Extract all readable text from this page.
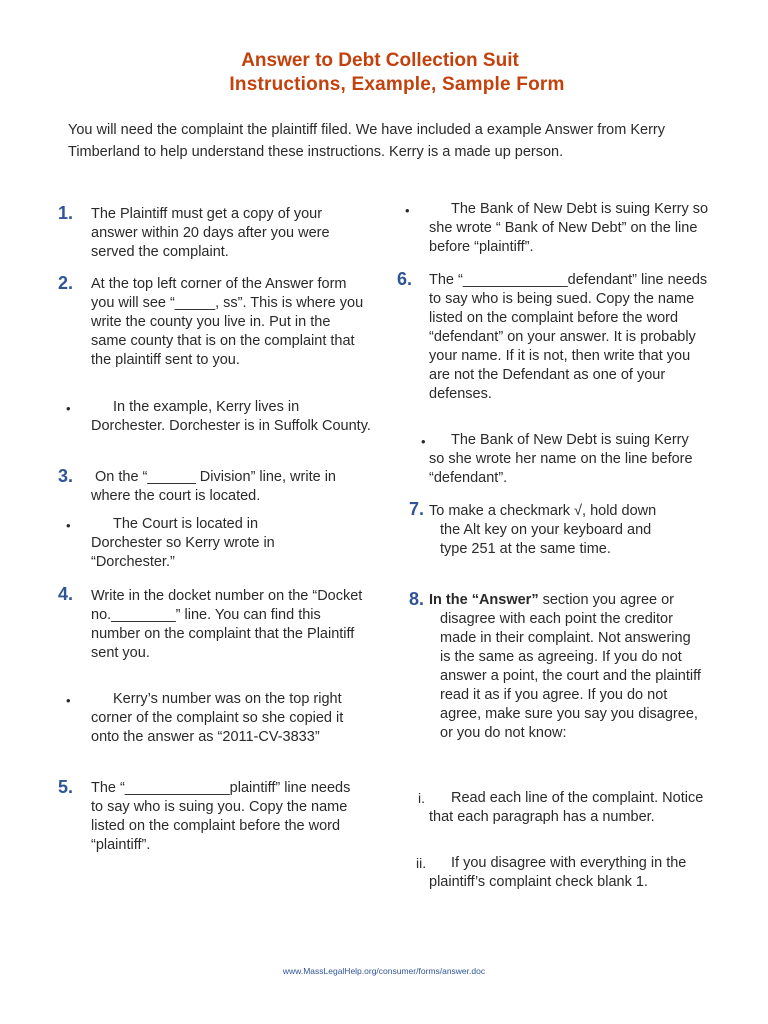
Answer to Debt Collection Suit
Instructions, Example, Sample Form

You will need the complaint the plaintiff filed. We have included a example Answer from Kerry Timberland to help understand these instructions. Kerry is a made up person.

1. The Plaintiff must get a copy of your answer within 20 days after you were served the complaint.

2. At the top left corner of the Answer form you will see “_____, ss”. This is where you write the county you live in. Put in the same county that is on the complaint that the plaintiff sent to you.

•	In the example, Kerry lives in Dorchester. Dorchester is in Suffolk County.

3. On the “______ Division” line, write in where the court is located.

•	The Court is located in Dorchester so Kerry wrote in “Dorchester.”

4. Write in the docket number on the “Docket no.________” line. You can find this number on the complaint that the Plaintiff sent you.

•	Kerry’s number was on the top right corner of the complaint so she copied it onto the answer as “2011-CV-3833”

5. The “_____________plaintiff” line needs to say who is suing you. Copy the name listed on the complaint before the word “plaintiff”.

•	The Bank of New Debt is suing Kerry so she wrote “ Bank of New Debt” on the line before “plaintiff”.

6. The “_____________defendant” line needs to say who is being sued. Copy the name listed on the complaint before the word “defendant” on your answer. It is probably your name. If it is not, then write that you are not the Defendant as one of your defenses.

•	The Bank of New Debt is suing Kerry so she wrote her name on the line before “defendant”.

7. To make a checkmark √, hold down the Alt key on your keyboard and type 251 at the same time.

8. In the “Answer” section you agree or disagree with each point the creditor made in their complaint. Not answering is the same as agreeing. If you do not answer a point, the court and the plaintiff read it as if you agree. If you do not agree, make sure you say you disagree, or you do not know:

i.	Read each line of the complaint. Notice that each paragraph has a number.

ii.	If you disagree with everything in the plaintiff’s complaint check blank 1.

www.MassLegalHelp.org/consumer/forms/answer.doc
